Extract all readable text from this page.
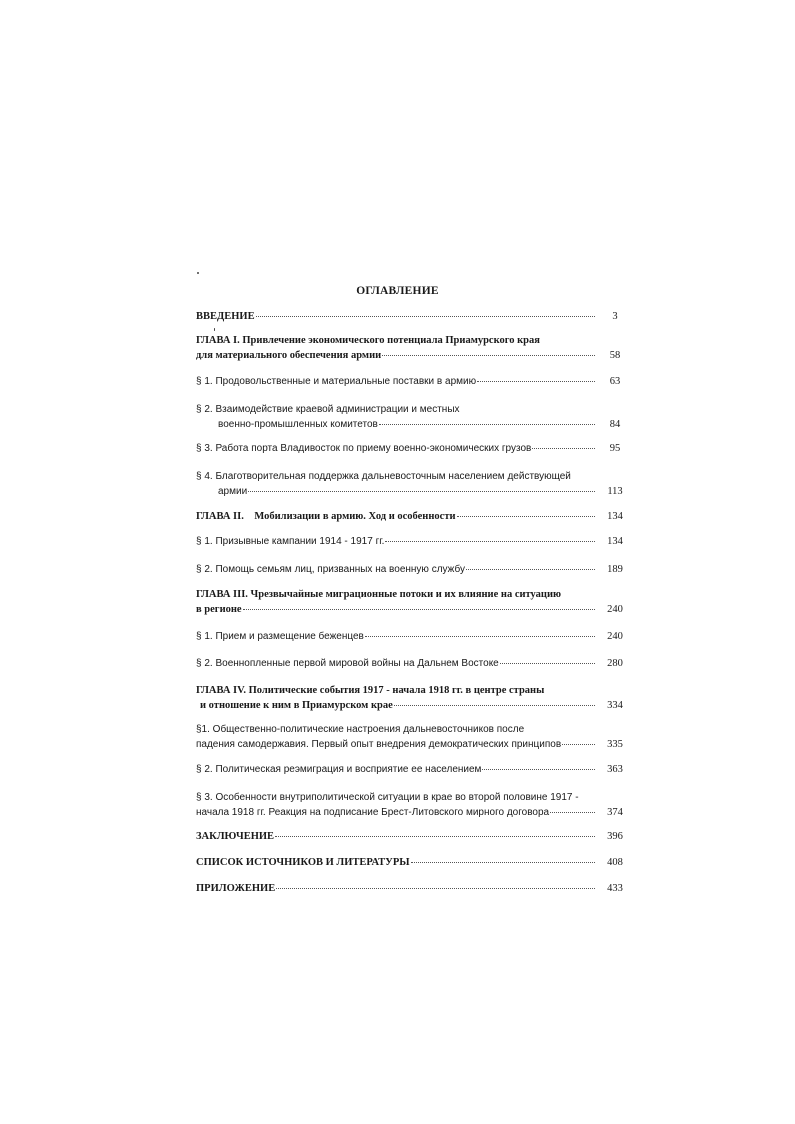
ОГЛАВЛЕНИЕ
ВВЕДЕНИЕ	3
ГЛАВА I. Привлечение экономического потенциала Приамурского края
для материального обеспечения армии	58
§ 1. Продовольственные и материальные поставки в армию	63
§ 2. Взаимодействие краевой администрации и местных
военно-промышленных комитетов	84
§ 3. Работа порта Владивосток по приему военно-экономических грузов	95
§ 4. Благотворительная поддержка дальневосточным населением действующей
армии	113
ГЛАВА II.    Мобилизации в армию. Ход и особенности	134
§ 1. Призывные кампании 1914 - 1917 гг.	134
§ 2. Помощь семьям лиц, призванных на военную службу	189
ГЛАВА III. Чрезвычайные миграционные потоки и их влияние на ситуацию
в регионе	240
§ 1. Прием и размещение беженцев	240
§ 2. Военнопленные первой мировой войны на Дальнем Востоке	280
ГЛАВА IV. Политические события 1917 - начала 1918 гг. в центре страны
и отношение к ним в Приамурском крае	334
§1. Общественно-политические настроения дальневосточников после
падения самодержавия. Первый опыт внедрения демократических принципов	335
§ 2. Политическая реэмиграция и восприятие ее населением	363
§ 3. Особенности внутриполитической ситуации в крае во второй половине 1917 -
начала 1918 гг. Реакция на подписание Брест-Литовского мирного договора	374
ЗАКЛЮЧЕНИЕ	396
СПИСОК ИСТОЧНИКОВ И ЛИТЕРАТУРЫ	408
ПРИЛОЖЕНИЕ	433
